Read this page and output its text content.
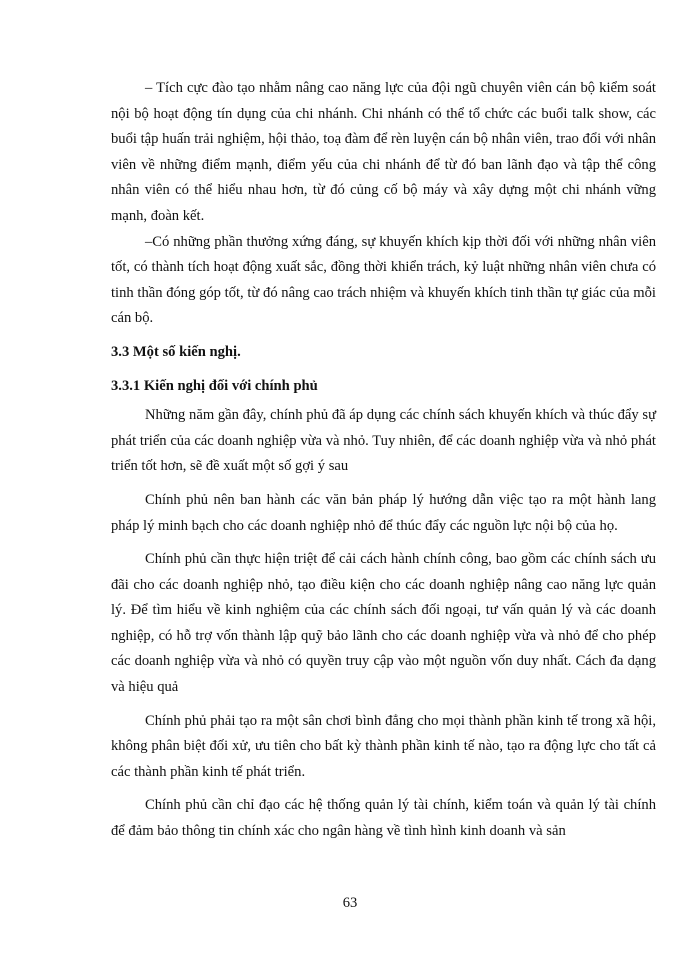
– Tích cực đào tạo nhằm nâng cao năng lực của đội ngũ chuyên viên cán bộ kiểm soát nội bộ hoạt động tín dụng của chi nhánh. Chi nhánh có thể tổ chức các buổi talk show, các buổi tập huấn trải nghiệm, hội thảo, toạ đàm để rèn luyện cán bộ nhân viên, trao đổi với nhân viên về những điểm mạnh, điểm yếu của chi nhánh để từ đó ban lãnh đạo và tập thể công nhân viên có thể hiểu nhau hơn, từ đó củng cố bộ máy và xây dựng một chi nhánh vững mạnh, đoàn kết.

–Có những phần thưởng xứng đáng, sự khuyến khích kịp thời đối với những nhân viên tốt, có thành tích hoạt động xuất sắc, đồng thời khiển trách, kỷ luật những nhân viên chưa có tinh thần đóng góp tốt, từ đó nâng cao trách nhiệm và khuyến khích tinh thần tự giác của mỗi cán bộ.

3.3 Một số kiến nghị.
3.3.1 Kiến nghị đối với chính phủ

Những năm gần đây, chính phủ đã áp dụng các chính sách khuyến khích và thúc đẩy sự phát triển của các doanh nghiệp vừa và nhỏ. Tuy nhiên, để các doanh nghiệp vừa và nhỏ phát triển tốt hơn, sẽ đề xuất một số gợi ý sau

Chính phủ nên ban hành các văn bản pháp lý hướng dẫn việc tạo ra một hành lang pháp lý minh bạch cho các doanh nghiệp nhỏ để thúc đẩy các nguồn lực nội bộ của họ.

Chính phủ cần thực hiện triệt để cải cách hành chính công, bao gồm các chính sách ưu đãi cho các doanh nghiệp nhỏ, tạo điều kiện cho các doanh nghiệp nâng cao năng lực quản lý. Để tìm hiểu về kinh nghiệm của các chính sách đối ngoại, tư vấn quản lý và các doanh nghiệp, có hỗ trợ vốn thành lập quỹ bảo lãnh cho các doanh nghiệp vừa và nhỏ để cho phép các doanh nghiệp vừa và nhỏ có quyền truy cập vào một nguồn vốn duy nhất. Cách đa dạng và hiệu quả

Chính phủ phải tạo ra một sân chơi bình đẳng cho mọi thành phần kinh tế trong xã hội, không phân biệt đối xử, ưu tiên cho bất kỳ thành phần kinh tế nào, tạo ra động lực cho tất cả các thành phần kinh tế phát triển.

Chính phủ cần chỉ đạo các hệ thống quản lý tài chính, kiểm toán và quản lý tài chính để đảm bảo thông tin chính xác cho ngân hàng về tình hình kinh doanh và sản

63
